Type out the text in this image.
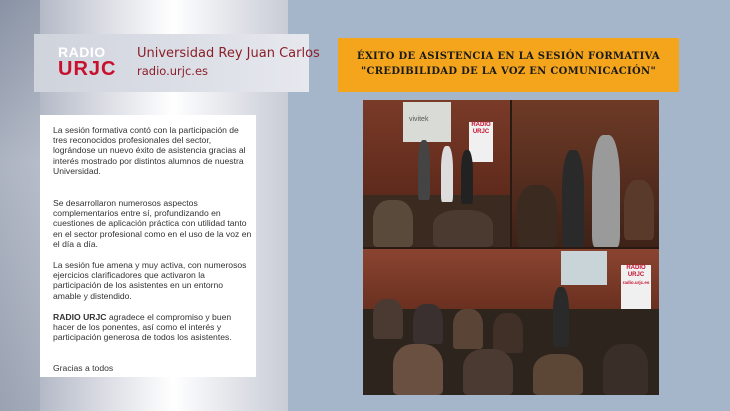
RADIO
URJC
Universidad Rey Juan Carlos
radio.urjc.es
ÉXITO DE ASISTENCIA EN LA SESIÓN FORMATIVA
"CREDIBILIDAD DE LA VOZ EN COMUNICACIÓN"

La sesión formativa contó con la participación de tres reconocidos profesionales del sector, lográndose un nuevo éxito de asistencia gracias al interés mostrado por distintos alumnos de nuestra Universidad.

Se desarrollaron numerosos aspectos complementarios entre sí, profundizando en cuestiones de aplicación práctica con utilidad tanto en el sector profesional como en el uso de la voz en el día a día.

La sesión fue amena y muy activa, con numerosos ejercicios clarificadores que activaron la participación de los asistentes en un entorno amable y distendido.

RADIO URJC agradece el compromiso y buen hacer de los ponentes, así como el interés y participación generosa de todos los asistentes.

Gracias a todos

vivitek
RADIO
URJC
RADIO
URJC
radio.urjc.es
